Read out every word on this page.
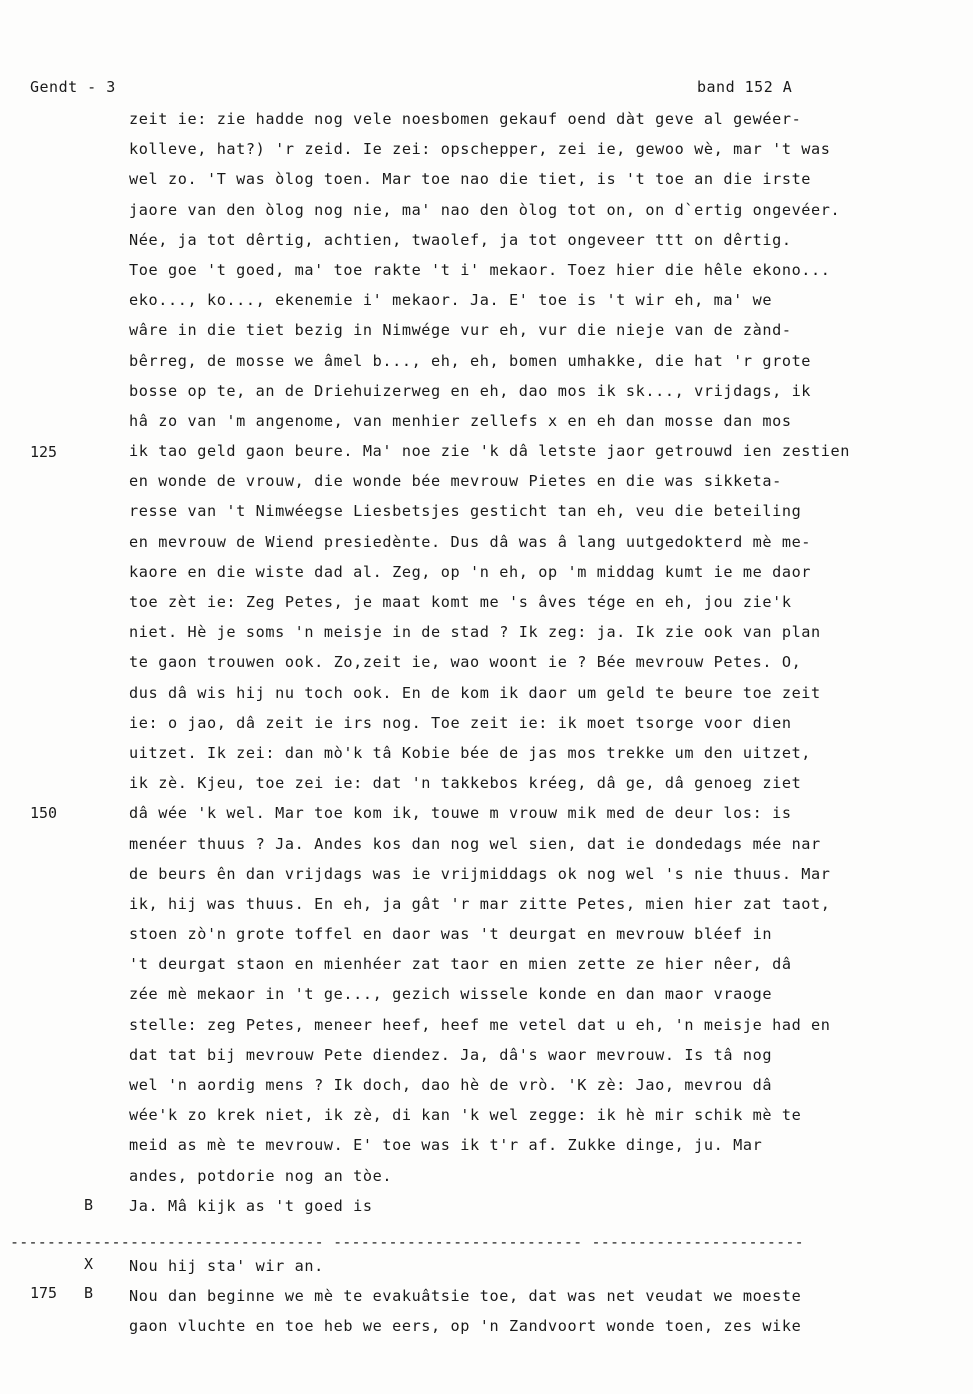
Gendt - 3	band 152 A
zeit ie: zie hadde nog vele noesbomen gekauf oend dàt geve al gewéer-
kolleve, hat?) 'r zeid. Ie zei: opschepper, zei ie, gewoo wè, mar 't was
wel zo. 'T was òlog toen. Mar toe nao die tiet, is 't toe an die irste
jaore van den òlog nog nie, ma' nao den òlog tot on, on d`ertig ongevéer.
Née, ja tot dêrtig, achtien, twaolef, ja tot ongeveer ttt on dêrtig.
Toe goe 't goed, ma' toe rakte 't i' mekaor. Toez hier die hêle ekono...
eko..., ko..., ekenemie i' mekaor. Ja. E' toe is 't wir eh, ma' we
wâre in die tiet bezig in Nimwége vur eh, vur die nieje van de zànd-
bêrreg, de mosse we âmel b..., eh, eh, bomen umhakke, die hat 'r grote
bosse op te, an de Driehuizerweg en eh, dao mos ik sk..., vrijdags, ik
hâ zo van 'm angenome, van menhier zellefs x en eh dan mosse dan mos
ik tao geld gaon beure. Ma' noe zie 'k dâ letste jaor getrouwd ien zestien
en wonde de vrouw, die wonde bée mevrouw Pietes en die was sikketa-
resse van 't Nimwéegse Liesbetsjes gesticht tan eh, veu die beteiling
en mevrouw de Wiend presiedènte. Dus dâ was â lang uutgedokterd mè me-
kaore en die wiste dad al. Zeg, op 'n eh, op 'm middag kumt ie me daor
toe zèt ie: Zeg Petes, je maat komt me 's âves tége en eh, jou zie'k
niet. Hè je soms 'n meisje in de stad ? Ik zeg: ja. Ik zie ook van plan
te gaon trouwen ook. Zo,zeit ie, wao woont ie ? Bée mevrouw Petes. O,
dus dâ wis hij nu toch ook. En de kom ik daor um geld te beure toe zeit
ie: o jao, dâ zeit ie irs nog. Toe zeit ie: ik moet tsorge voor dien
uitzet. Ik zei: dan mò'k tâ Kobie bée de jas mos trekke um den uitzet,
ik zè. Kjeu, toe zei ie: dat 'n takkebos kréeg, dâ ge, dâ genoeg ziet
dâ wée 'k wel. Mar toe kom ik, touwe m vrouw mik med de deur los: is
menéer thuus ? Ja. Andes kos dan nog wel sien, dat ie dondedags mée nar
de beurs ên dan vrijdags was ie vrijmiddags ok nog wel 's nie thuus. Mar
ik, hij was thuus. En eh, ja gât 'r mar zitte Petes, mien hier zat taot,
stoen zò'n grote toffel en daor was 't deurgat en mevrouw bléef in
't deurgat staon en mienhéer zat taor en mien zette ze hier nêer, dâ
zée mè mekaor in 't ge..., gezich wissele konde en dan maor vraoge
stelle: zeg Petes, meneer heef, heef me vetel dat u eh, 'n meisje had en
dat tat bij mevrouw Pete diendez. Ja, dâ's waor mevrouw. Is tâ nog
wel 'n aordig mens ? Ik doch, dao hè de vrò. 'K zè: Jao, mevrou dâ
wée'k zo krek niet, ik zè, di kan 'k wel zegge: ik hè mir schik mè te
meid as mè te mevrouw. E' toe was ik t'r af. Zukke dinge, ju. Mar
andes, potdorie nog an tòe.
Ja. Mâ kijk as 't goed is
125
150
175
B
X
B
---------------------------------- --------------------------- -----------------------
Nou hij sta' wir an.
Nou dan beginne we mè te evakuâtsie toe, dat was net veudat we moeste
gaon vluchte en toe heb we eers, op 'n Zandvoort wonde toen, zes wike
